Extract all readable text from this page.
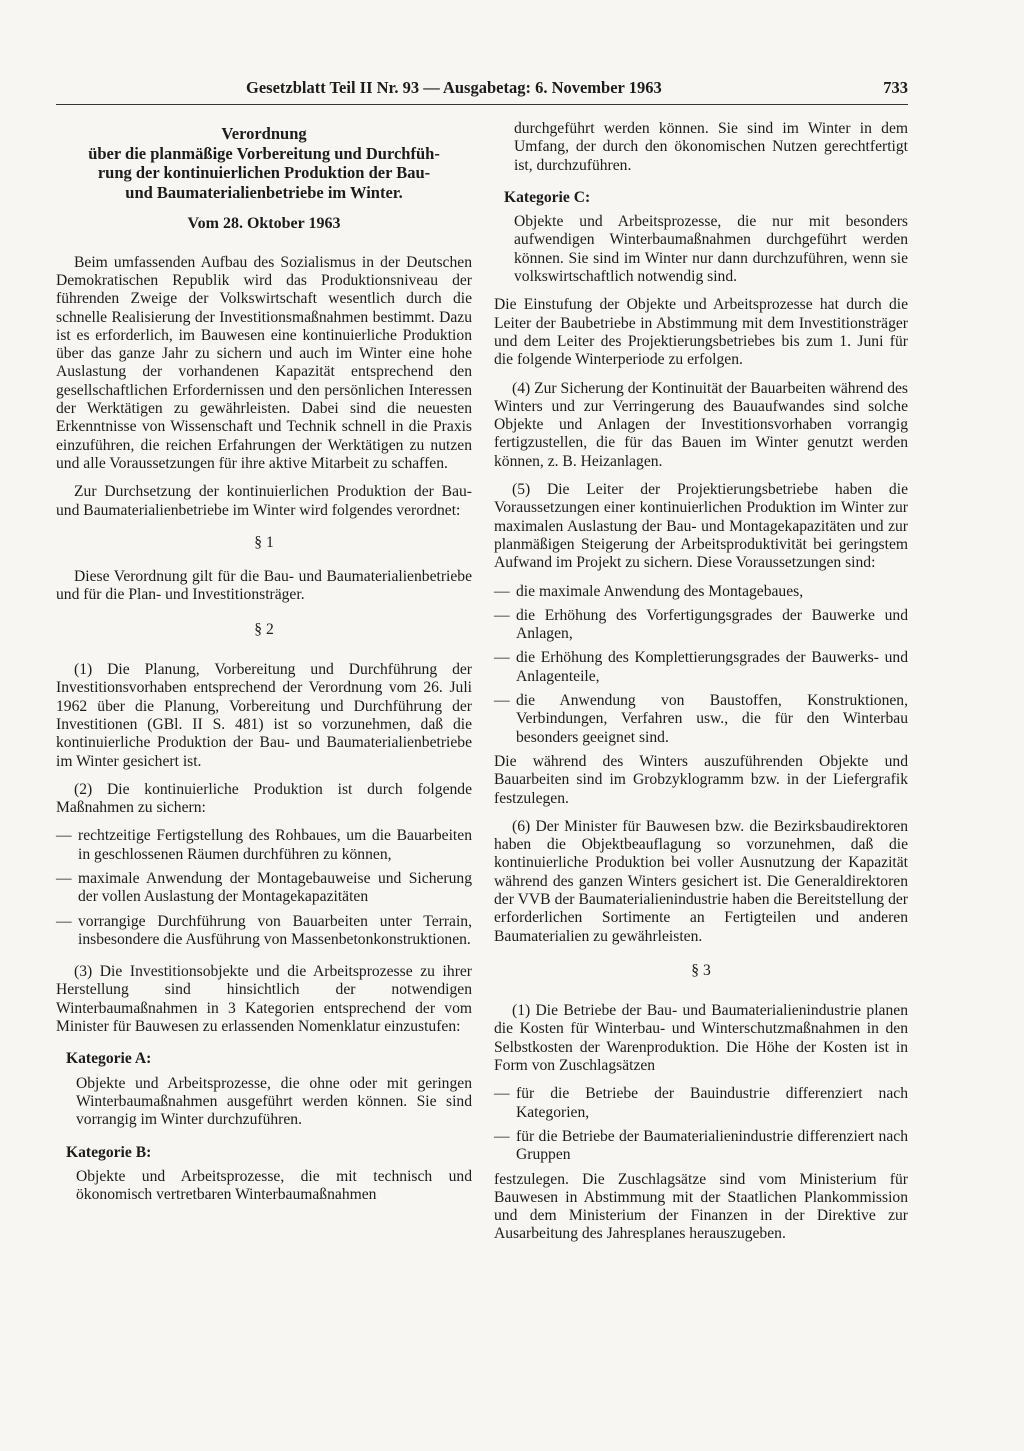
Gesetzblatt Teil II Nr. 93 — Ausgabetag: 6. November 1963	733
Verordnung
über die planmäßige Vorbereitung und Durchfüh-
rung der kontinuierlichen Produktion der Bau-
und Baumaterialienbetriebe im Winter.
Vom 28. Oktober 1963

Beim umfassenden Aufbau des Sozialismus in der Deutschen Demokratischen Republik wird das Produktionsniveau der führenden Zweige der Volkswirtschaft wesentlich durch die schnelle Realisierung der Investitionsmaßnahmen bestimmt. Dazu ist es erforderlich, im Bauwesen eine kontinuierliche Produktion über das ganze Jahr zu sichern und auch im Winter eine hohe Auslastung der vorhandenen Kapazität entsprechend den gesellschaftlichen Erfordernissen und den persönlichen Interessen der Werktätigen zu gewährleisten. Dabei sind die neuesten Erkenntnisse von Wissenschaft und Technik schnell in die Praxis einzuführen, die reichen Erfahrungen der Werktätigen zu nutzen und alle Voraussetzungen für ihre aktive Mitarbeit zu schaffen.

Zur Durchsetzung der kontinuierlichen Produktion der Bau- und Baumaterialienbetriebe im Winter wird folgendes verordnet:

§ 1

Diese Verordnung gilt für die Bau- und Baumaterialienbetriebe und für die Plan- und Investitionsträger.

§ 2

(1) Die Planung, Vorbereitung und Durchführung der Investitionsvorhaben entsprechend der Verordnung vom 26. Juli 1962 über die Planung, Vorbereitung und Durchführung der Investitionen (GBl. II S. 481) ist so vorzunehmen, daß die kontinuierliche Produktion der Bau- und Baumaterialienbetriebe im Winter gesichert ist.

(2) Die kontinuierliche Produktion ist durch folgende Maßnahmen zu sichern:

— rechtzeitige Fertigstellung des Rohbaues, um die Bauarbeiten in geschlossenen Räumen durchführen zu können,

— maximale Anwendung der Montagebauweise und Sicherung der vollen Auslastung der Montagekapazitäten

— vorrangige Durchführung von Bauarbeiten unter Terrain, insbesondere die Ausführung von Massenbetonkonstruktionen.

(3) Die Investitionsobjekte und die Arbeitsprozesse zu ihrer Herstellung sind hinsichtlich der notwendigen Winterbaumaßnahmen in 3 Kategorien entsprechend der vom Minister für Bauwesen zu erlassenden Nomenklatur einzustufen:

Kategorie A:

Objekte und Arbeitsprozesse, die ohne oder mit geringen Winterbaumaßnahmen ausgeführt werden können. Sie sind vorrangig im Winter durchzuführen.

Kategorie B:

Objekte und Arbeitsprozesse, die mit technisch und ökonomisch vertretbaren Winterbaumaßnahmen

durchgeführt werden können. Sie sind im Winter in dem Umfang, der durch den ökonomischen Nutzen gerechtfertigt ist, durchzuführen.

Kategorie C:

Objekte und Arbeitsprozesse, die nur mit besonders aufwendigen Winterbaumaßnahmen durchgeführt werden können. Sie sind im Winter nur dann durchzuführen, wenn sie volkswirtschaftlich notwendig sind.

Die Einstufung der Objekte und Arbeitsprozesse hat durch die Leiter der Baubetriebe in Abstimmung mit dem Investitionsträger und dem Leiter des Projektierungsbetriebes bis zum 1. Juni für die folgende Winterperiode zu erfolgen.

(4) Zur Sicherung der Kontinuität der Bauarbeiten während des Winters und zur Verringerung des Bauaufwandes sind solche Objekte und Anlagen der Investitionsvorhaben vorrangig fertigzustellen, die für das Bauen im Winter genutzt werden können, z. B. Heizanlagen.

(5) Die Leiter der Projektierungsbetriebe haben die Voraussetzungen einer kontinuierlichen Produktion im Winter zur maximalen Auslastung der Bau- und Montagekapazitäten und zur planmäßigen Steigerung der Arbeitsproduktivität bei geringstem Aufwand im Projekt zu sichern. Diese Voraussetzungen sind:

— die maximale Anwendung des Montagebaues,

— die Erhöhung des Vorfertigungsgrades der Bauwerke und Anlagen,

— die Erhöhung des Komplettierungsgrades der Bauwerks- und Anlagenteile,

— die Anwendung von Baustoffen, Konstruktionen, Verbindungen, Verfahren usw., die für den Winterbau besonders geeignet sind.

Die während des Winters auszuführenden Objekte und Bauarbeiten sind im Grobzyklogramm bzw. in der Liefergrafik festzulegen.

(6) Der Minister für Bauwesen bzw. die Bezirksbaudirektoren haben die Objektbeauflagung so vorzunehmen, daß die kontinuierliche Produktion bei voller Ausnutzung der Kapazität während des ganzen Winters gesichert ist. Die Generaldirektoren der VVB der Baumaterialienindustrie haben die Bereitstellung der erforderlichen Sortimente an Fertigteilen und anderen Baumaterialien zu gewährleisten.

§ 3

(1) Die Betriebe der Bau- und Baumaterialienindustrie planen die Kosten für Winterbau- und Winterschutzmaßnahmen in den Selbstkosten der Warenproduktion. Die Höhe der Kosten ist in Form von Zuschlagsätzen

— für die Betriebe der Bauindustrie differenziert nach Kategorien,

— für die Betriebe der Baumaterialienindustrie differenziert nach Gruppen

festzulegen. Die Zuschlagsätze sind vom Ministerium für Bauwesen in Abstimmung mit der Staatlichen Plankommission und dem Ministerium der Finanzen in der Direktive zur Ausarbeitung des Jahresplanes herauszugeben.
